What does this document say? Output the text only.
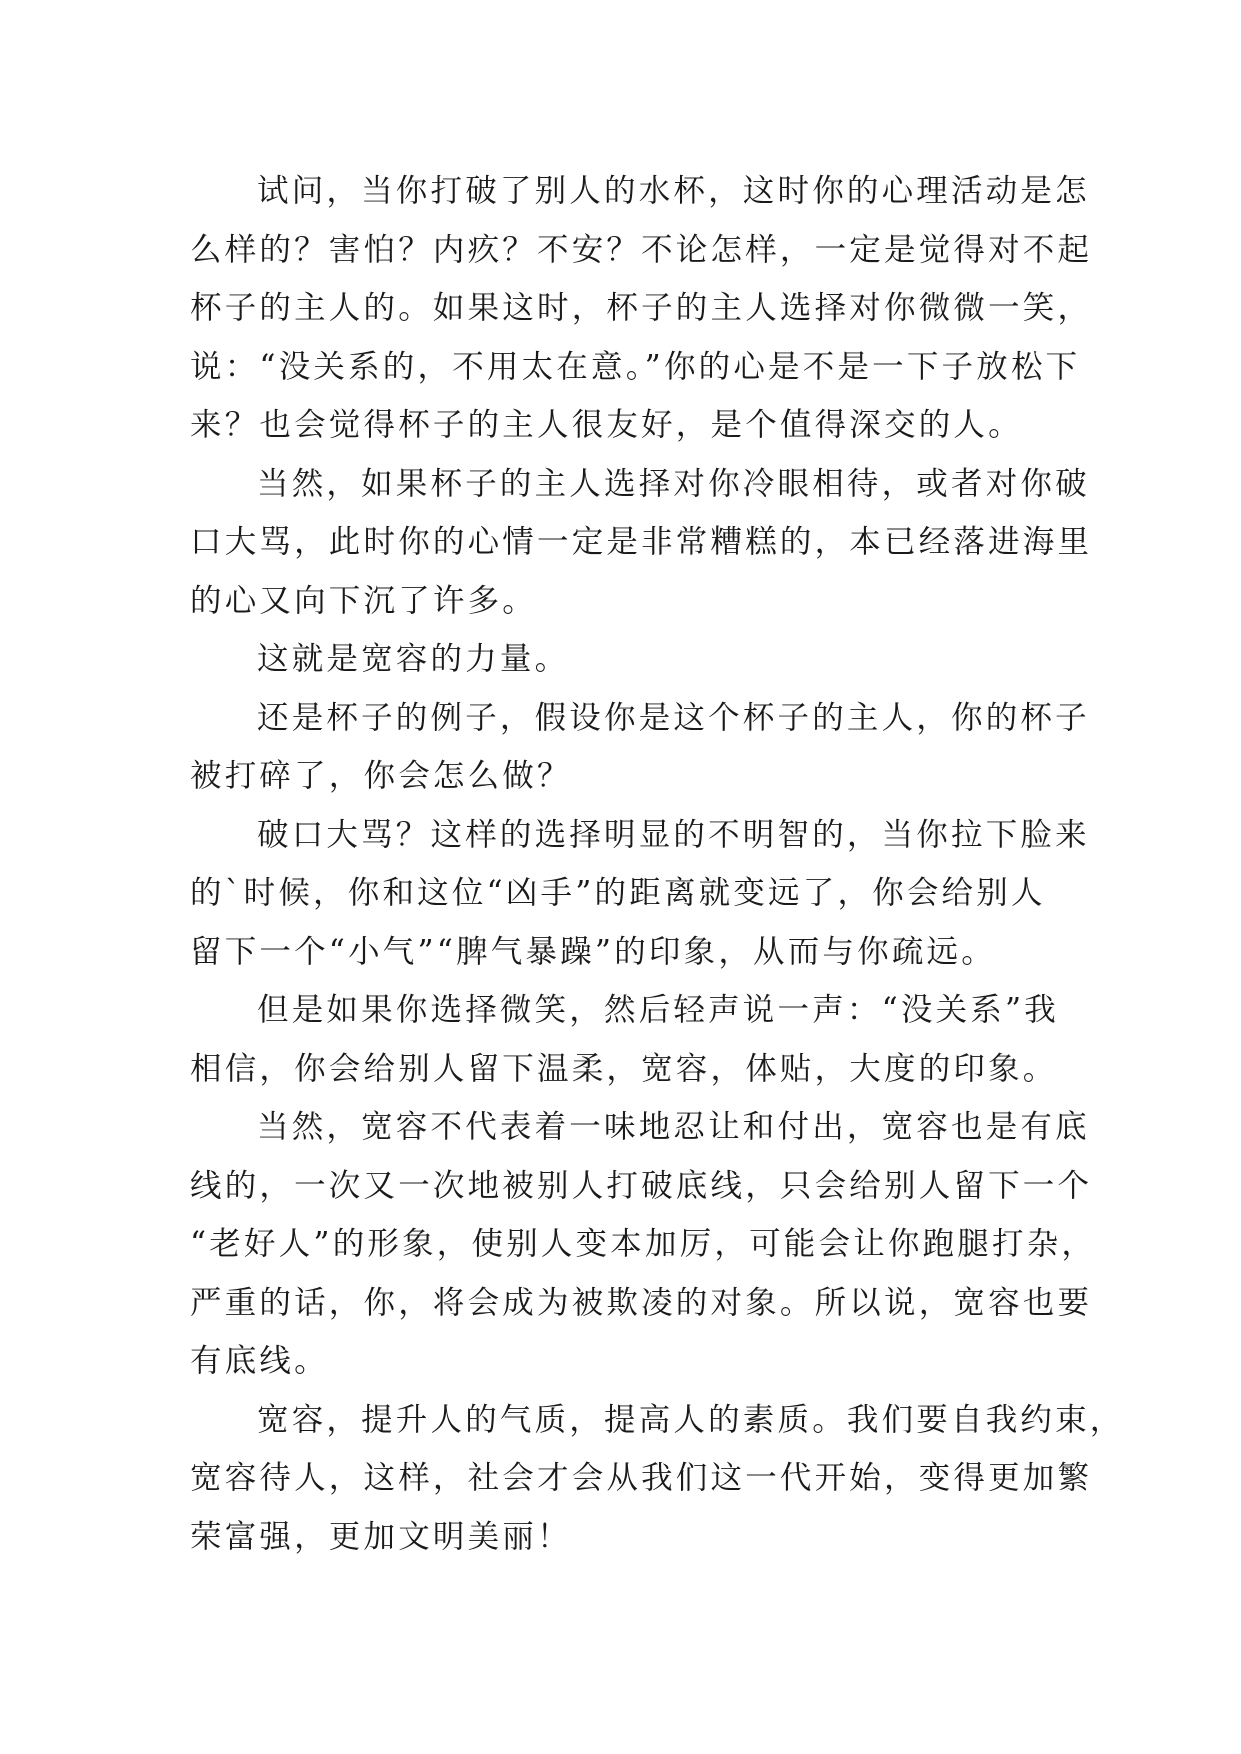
试问，当你打破了别人的水杯，这时你的心理活动是怎
么样的？害怕？内疚？不安？不论怎样，一定是觉得对不起
杯子的主人的。如果这时，杯子的主人选择对你微微一笑，
说：“没关系的，不用太在意。”你的心是不是一下子放松下
来？也会觉得杯子的主人很友好，是个值得深交的人。
当然，如果杯子的主人选择对你冷眼相待，或者对你破
口大骂，此时你的心情一定是非常糟糕的，本已经落进海里
的心又向下沉了许多。
这就是宽容的力量。
还是杯子的例子，假设你是这个杯子的主人，你的杯子
被打碎了，你会怎么做？
破口大骂？这样的选择明显的不明智的，当你拉下脸来
的`时候，你和这位“凶手”的距离就变远了，你会给别人
留下一个“小气”“脾气暴躁”的印象，从而与你疏远。
但是如果你选择微笑，然后轻声说一声：“没关系”我
相信，你会给别人留下温柔，宽容，体贴，大度的印象。
当然，宽容不代表着一味地忍让和付出，宽容也是有底
线的，一次又一次地被别人打破底线，只会给别人留下一个
“老好人”的形象，使别人变本加厉，可能会让你跑腿打杂，
严重的话，你，将会成为被欺凌的对象。所以说，宽容也要
有底线。
宽容，提升人的气质，提高人的素质。我们要自我约束，
宽容待人，这样，社会才会从我们这一代开始，变得更加繁
荣富强，更加文明美丽！
